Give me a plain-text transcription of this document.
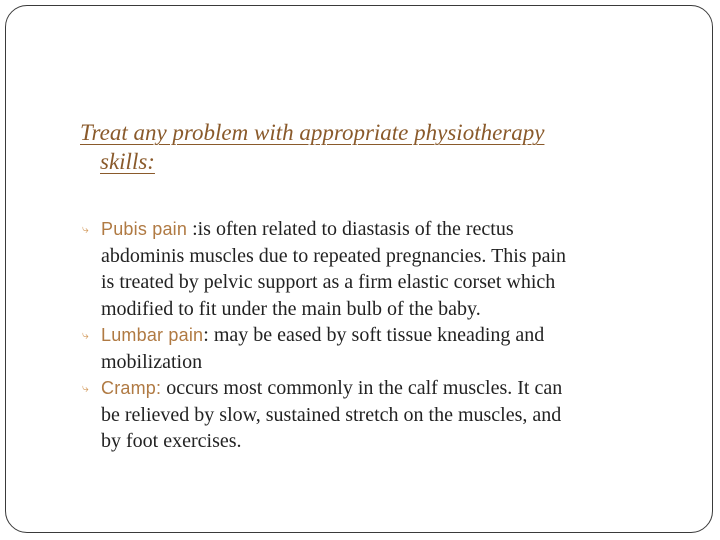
Treat any problem with appropriate physiotherapy
skills:
⤷ Pubis pain :is often related to diastasis of the rectus
abdominis muscles due to repeated pregnancies. This pain
is treated by pelvic support as a firm elastic corset which
modified to fit under the main bulb of the baby.
⤷ Lumbar pain: may be eased by soft tissue kneading and
mobilization
⤷ Cramp: occurs most commonly in the calf muscles. It can
be relieved by slow, sustained stretch on the muscles, and
by foot exercises.
